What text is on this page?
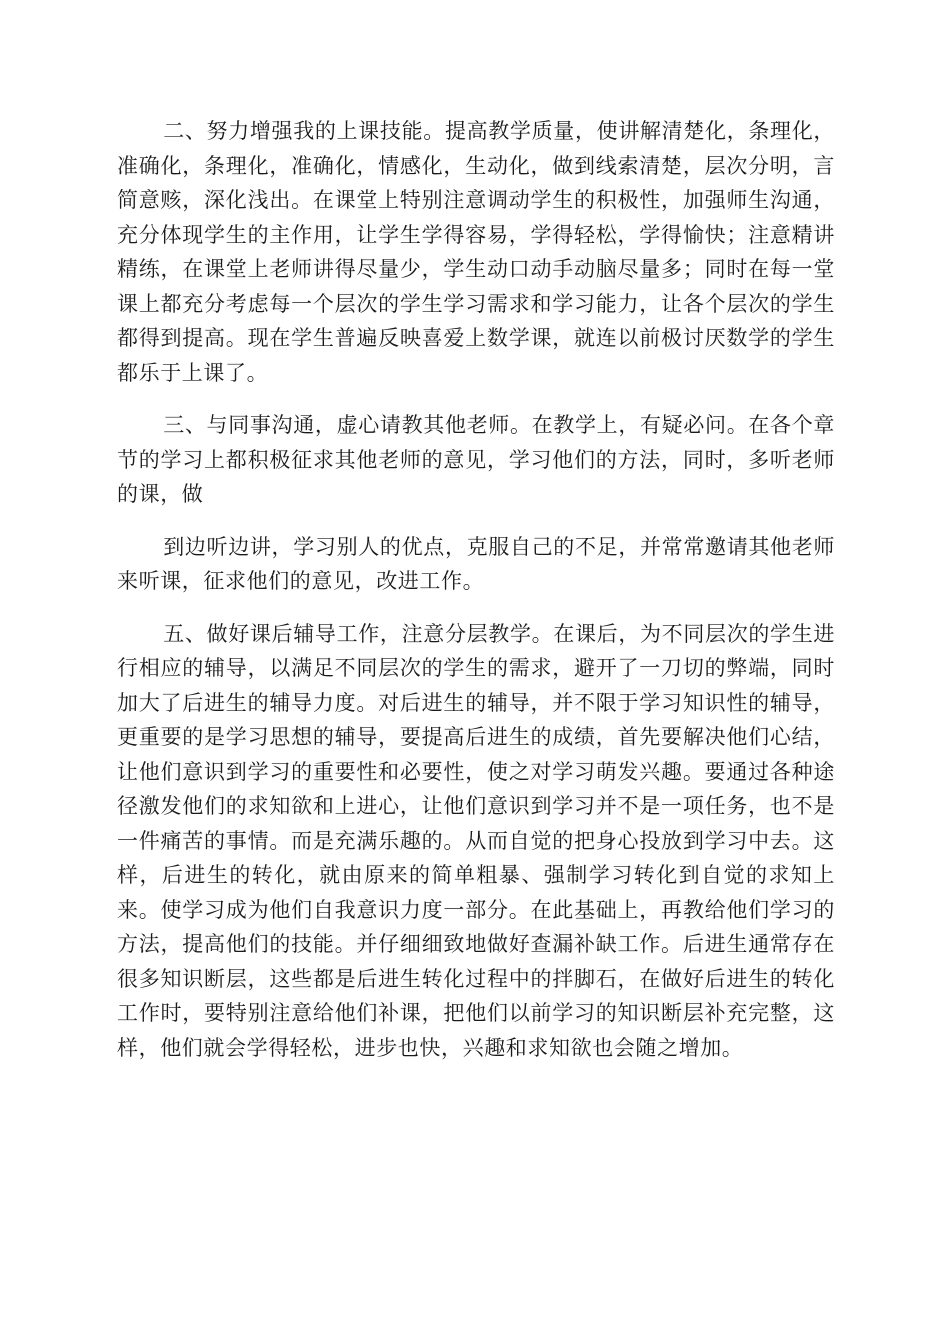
二、努力增强我的上课技能。提高教学质量，使讲解清楚化，条理化，准确化，条理化，准确化，情感化，生动化，做到线索清楚，层次分明，言简意赅，深化浅出。在课堂上特别注意调动学生的积极性，加强师生沟通，充分体现学生的主作用，让学生学得容易，学得轻松，学得愉快；注意精讲精练，在课堂上老师讲得尽量少，学生动口动手动脑尽量多；同时在每一堂课上都充分考虑每一个层次的学生学习需求和学习能力，让各个层次的学生都得到提高。现在学生普遍反映喜爱上数学课，就连以前极讨厌数学的学生都乐于上课了。

三、与同事沟通，虚心请教其他老师。在教学上，有疑必问。在各个章节的学习上都积极征求其他老师的意见，学习他们的方法，同时，多听老师的课，做

到边听边讲，学习别人的优点，克服自己的不足，并常常邀请其他老师来听课，征求他们的意见，改进工作。

五、做好课后辅导工作，注意分层教学。在课后，为不同层次的学生进行相应的辅导，以满足不同层次的学生的需求，避开了一刀切的弊端，同时加大了后进生的辅导力度。对后进生的辅导，并不限于学习知识性的辅导，更重要的是学习思想的辅导，要提高后进生的成绩，首先要解决他们心结，让他们意识到学习的重要性和必要性，使之对学习萌发兴趣。要通过各种途径激发他们的求知欲和上进心，让他们意识到学习并不是一项任务，也不是一件痛苦的事情。而是充满乐趣的。从而自觉的把身心投放到学习中去。这样，后进生的转化，就由原来的简单粗暴、强制学习转化到自觉的求知上来。使学习成为他们自我意识力度一部分。在此基础上，再教给他们学习的方法，提高他们的技能。并仔细细致地做好查漏补缺工作。后进生通常存在很多知识断层，这些都是后进生转化过程中的拌脚石，在做好后进生的转化工作时，要特别注意给他们补课，把他们以前学习的知识断层补充完整，这样，他们就会学得轻松，进步也快，兴趣和求知欲也会随之增加。
